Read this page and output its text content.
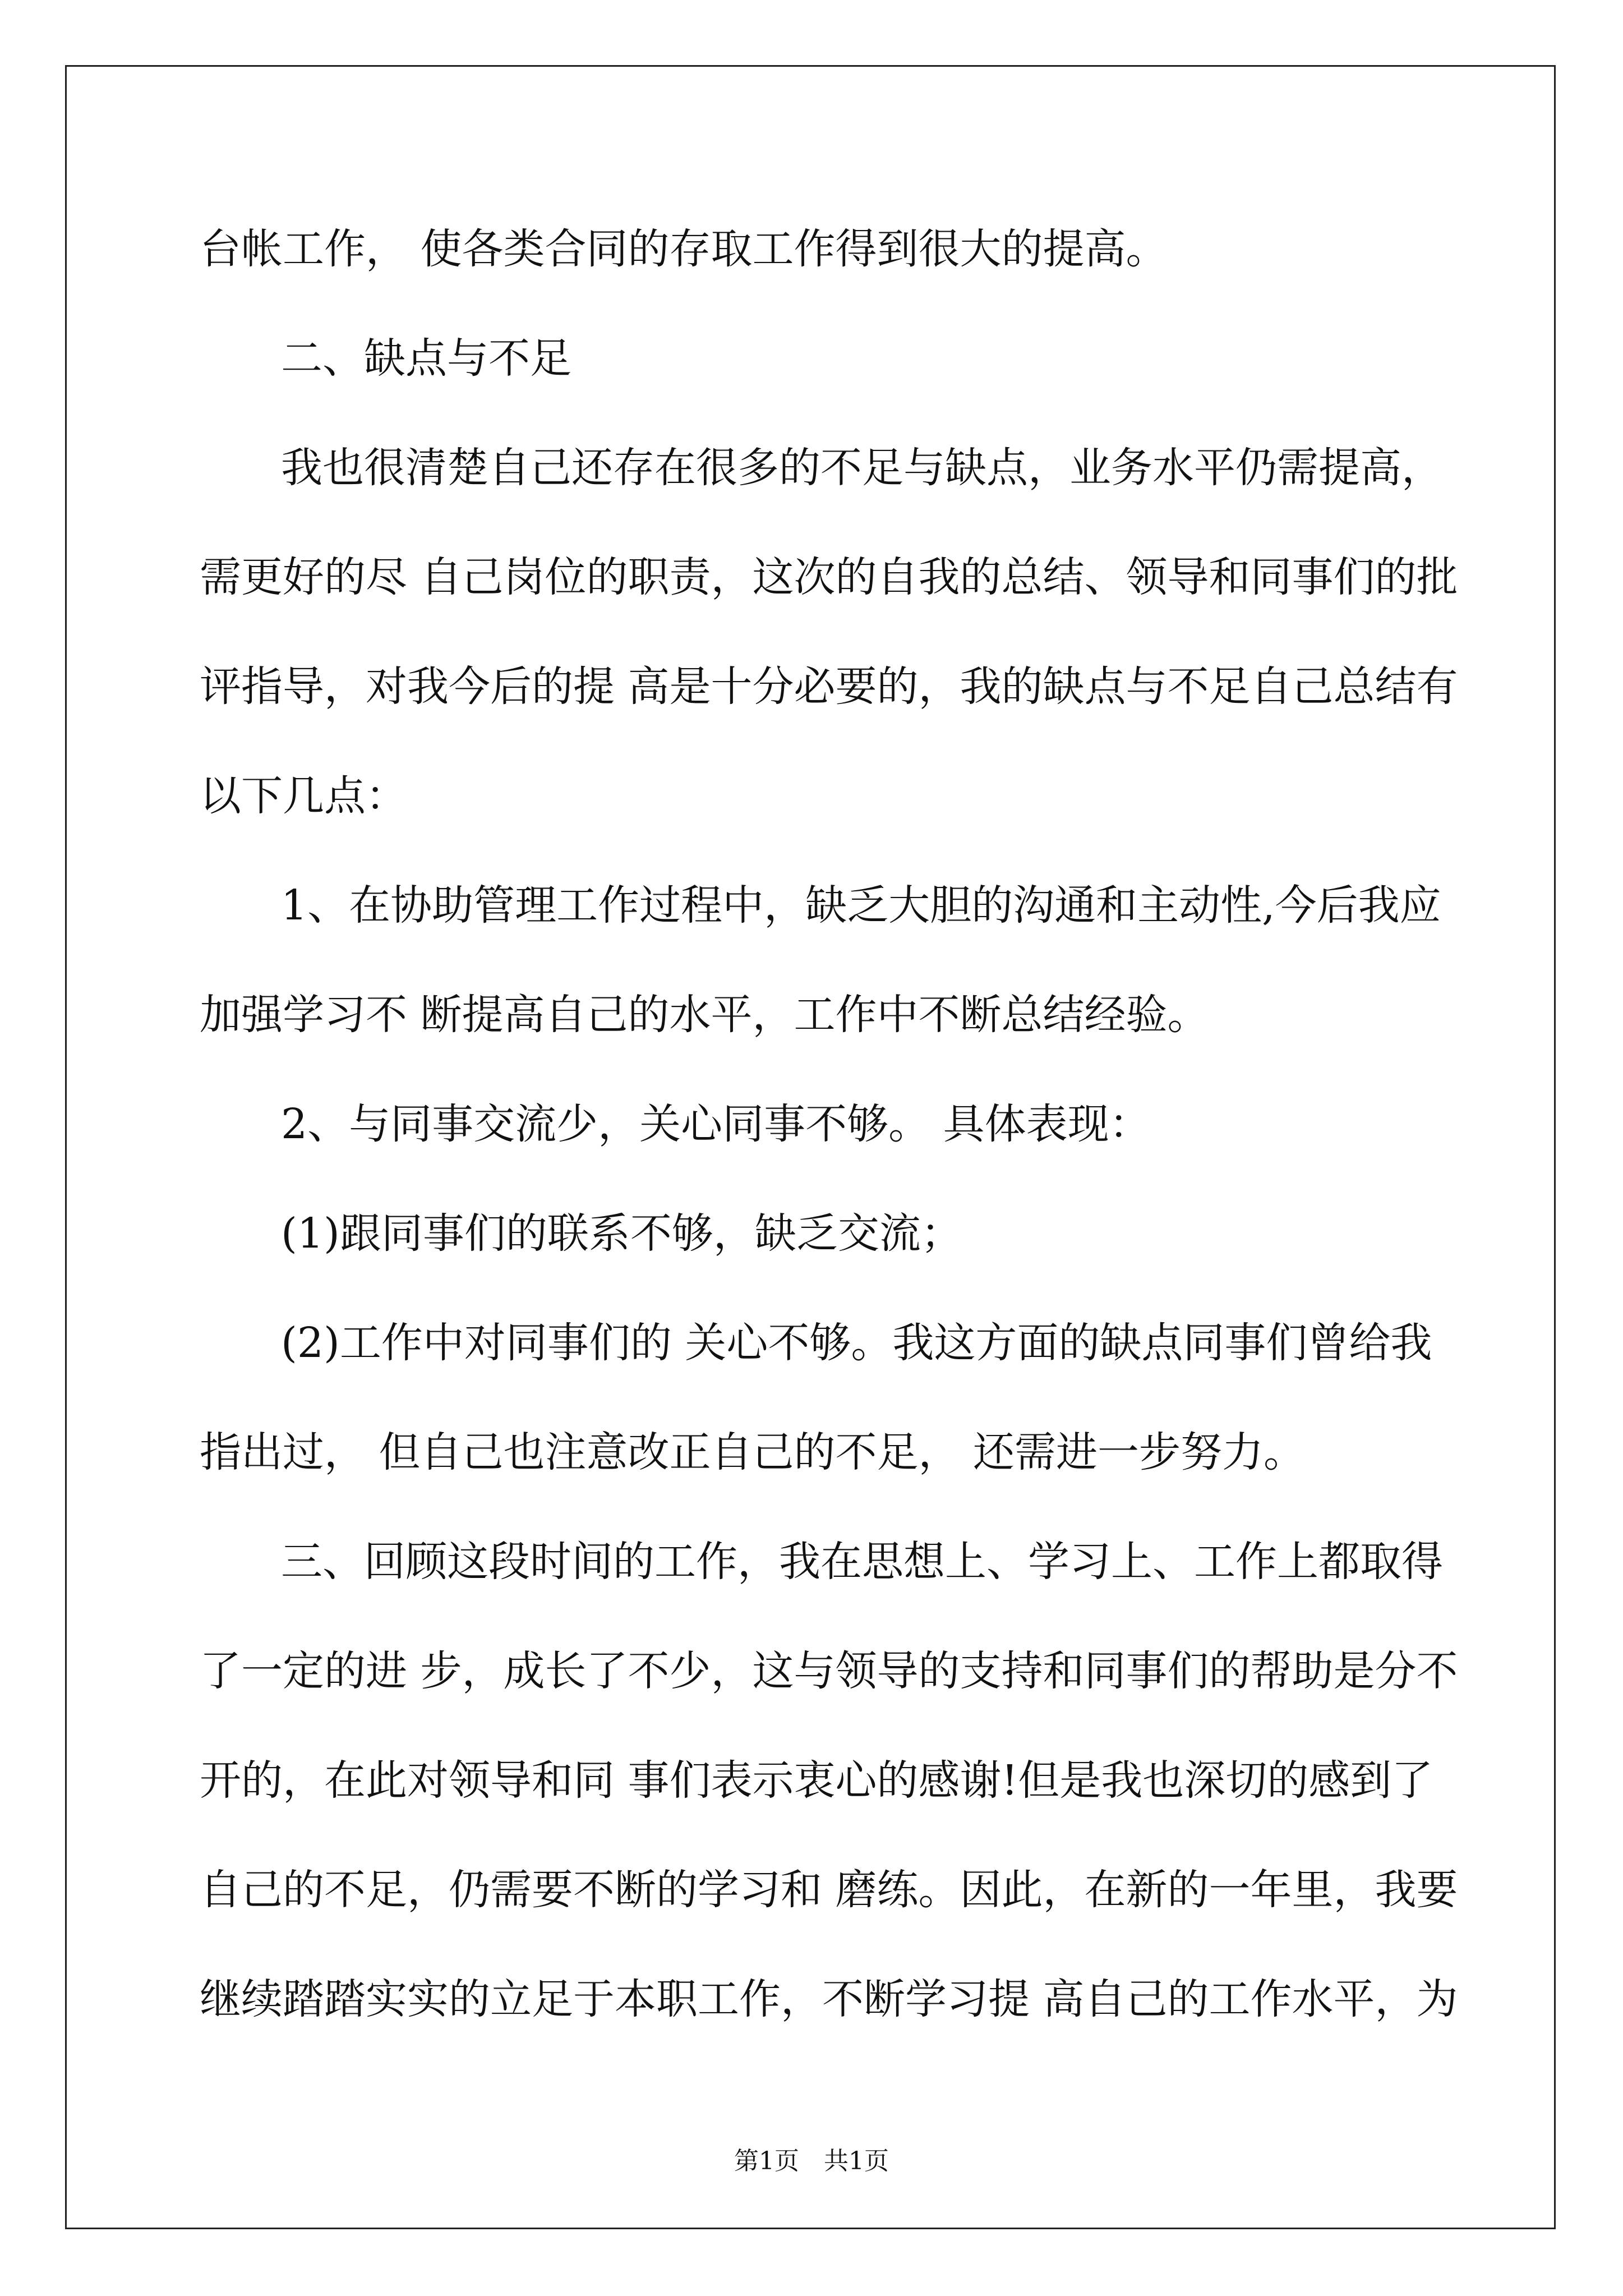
台帐工作， 使各类合同的存取工作得到很大的提高。
二、缺点与不足
我也很清楚自己还存在很多的不足与缺点，业务水平仍需提高，
需更好的尽 自己岗位的职责，这次的自我的总结、领导和同事们的批
评指导，对我今后的提 高是十分必要的，我的缺点与不足自己总结有
以下几点：
1、在协助管理工作过程中，缺乏大胆的沟通和主动性,今后我应
加强学习不 断提高自己的水平，工作中不断总结经验。
2、与同事交流少，关心同事不够。 具体表现：
(1)跟同事们的联系不够，缺乏交流；
(2)工作中对同事们的 关心不够。我这方面的缺点同事们曾给我
指出过， 但自己也注意改正自己的不足， 还需进一步努力。
三、回顾这段时间的工作，我在思想上、学习上、工作上都取得
了一定的进 步，成长了不少，这与领导的支持和同事们的帮助是分不
开的，在此对领导和同 事们表示衷心的感谢!但是我也深切的感到了
自己的不足，仍需要不断的学习和 磨练。因此，在新的一年里，我要
继续踏踏实实的立足于本职工作，不断学习提 高自己的工作水平，为
第1页　共1页
